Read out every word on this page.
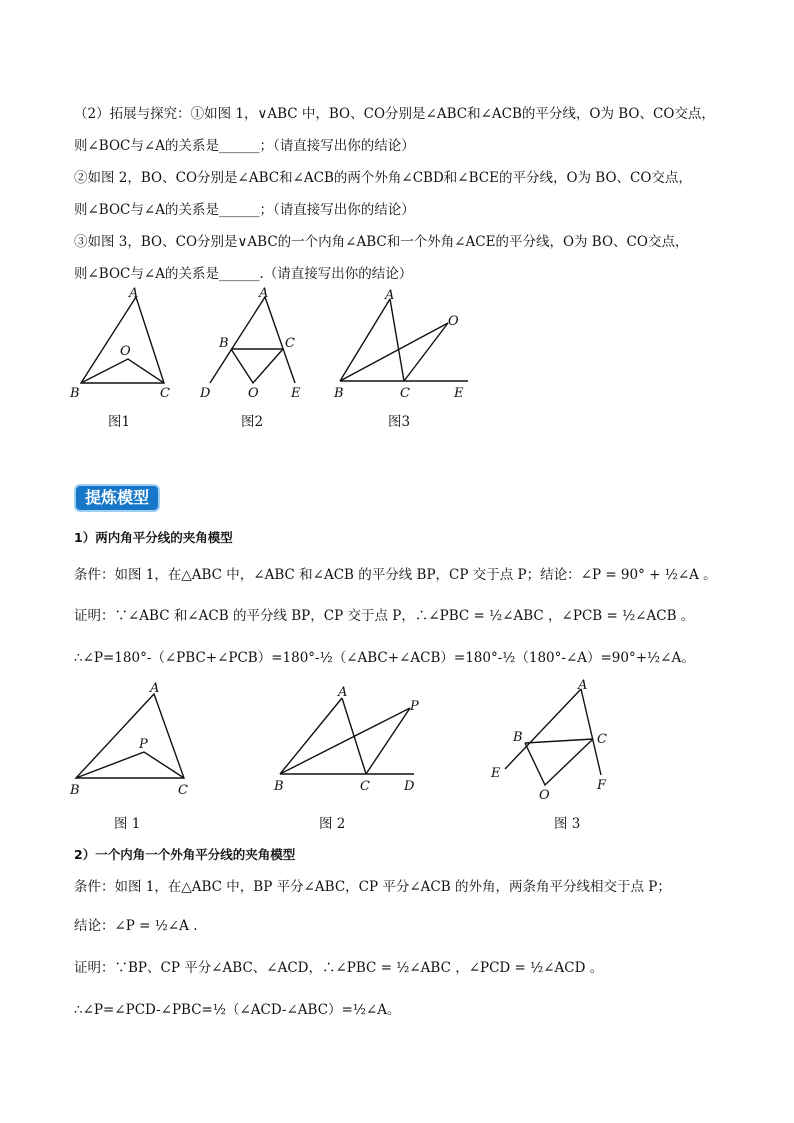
（2）拓展与探究：①如图 1，∨ABC 中，BO、CO分别是∠ABC和∠ACB的平分线，O为 BO、CO交点，
则∠BOC与∠A的关系是______；（请直接写出你的结论）
②如图 2，BO、CO分别是∠ABC和∠ACB的两个外角∠CBD和∠BCE的平分线，O为 BO、CO交点，
则∠BOC与∠A的关系是______；（请直接写出你的结论）
③如图 3，BO、CO分别是∨ABC的一个内角∠ABC和一个外角∠ACE的平分线，O为 BO、CO交点，
则∠BOC与∠A的关系是______.（请直接写出你的结论）
A
O
B	C
A
B	C
D	O E
A
O
B	C	E
图1	图2	图3
提炼模型
1）两内角平分线的夹角模型
条件：如图 1，在△ABC 中，∠ABC 和∠ACB 的平分线 BP，CP 交于点 P；结论：∠P = 90° + ½∠A 。
证明：∵∠ABC 和∠ACB 的平分线 BP，CP 交于点 P，∴∠PBC = ½∠ABC ，∠PCB = ½∠ACB 。
∴∠P=180°-（∠PBC+∠PCB）=180°-½（∠ABC+∠ACB）=180°-½（180°-∠A）=90°+½∠A。
A
P
B	C
A
P
B	C	D
A
B	C
E
O
F
图 1	图 2	图 3
2）一个内角一个外角平分线的夹角模型
条件：如图 1，在△ABC 中，BP 平分∠ABC，CP 平分∠ACB 的外角，两条角平分线相交于点 P；
结论：∠P = ½∠A .
证明：∵BP、CP 平分∠ABC、∠ACD，∴∠PBC = ½∠ABC ，∠PCD = ½∠ACD 。
∴∠P=∠PCD-∠PBC=½（∠ACD-∠ABC）=½∠A。
